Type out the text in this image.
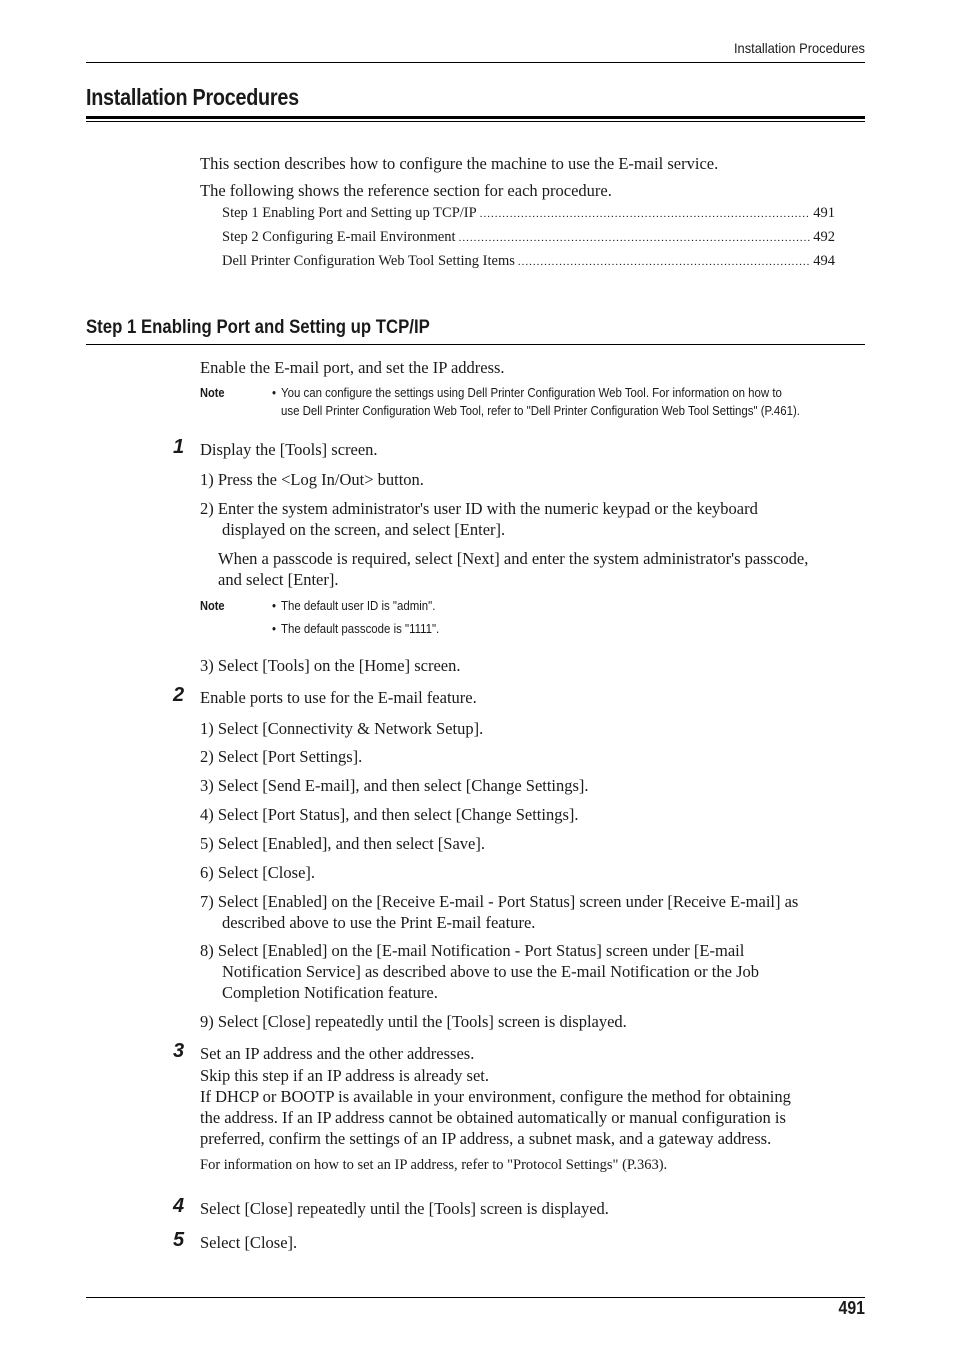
Installation Procedures
Installation Procedures
This section describes how to configure the machine to use the E-mail service.
The following shows the reference section for each procedure.
Step 1 Enabling Port and Setting up TCP/IP .....	491
Step 2 Configuring E-mail Environment .....	492
Dell Printer Configuration Web Tool Setting Items .....	494
Step 1 Enabling Port and Setting up TCP/IP
Enable the E-mail port, and set the IP address.
Note	• You can configure the settings using Dell Printer Configuration Web Tool. For information on how to
use Dell Printer Configuration Web Tool, refer to "Dell Printer Configuration Web Tool Settings" (P.461).
1 Display the [Tools] screen.
1) Press the <Log In/Out> button.
2) Enter the system administrator's user ID with the numeric keypad or the keyboard
displayed on the screen, and select [Enter].
When a passcode is required, select [Next] and enter the system administrator's passcode,
and select [Enter].
Note	• The default user ID is "admin".
• The default passcode is "1111".
3) Select [Tools] on the [Home] screen.
2 Enable ports to use for the E-mail feature.
1) Select [Connectivity & Network Setup].
2) Select [Port Settings].
3) Select [Send E-mail], and then select [Change Settings].
4) Select [Port Status], and then select [Change Settings].
5) Select [Enabled], and then select [Save].
6) Select [Close].
7) Select [Enabled] on the [Receive E-mail - Port Status] screen under [Receive E-mail] as
described above to use the Print E-mail feature.
8) Select [Enabled] on the [E-mail Notification - Port Status] screen under [E-mail
Notification Service] as described above to use the E-mail Notification or the Job
Completion Notification feature.
9) Select [Close] repeatedly until the [Tools] screen is displayed.
3 Set an IP address and the other addresses.
Skip this step if an IP address is already set.
If DHCP or BOOTP is available in your environment, configure the method for obtaining
the address. If an IP address cannot be obtained automatically or manual configuration is
preferred, confirm the settings of an IP address, a subnet mask, and a gateway address.
For information on how to set an IP address, refer to "Protocol Settings" (P.363).
4 Select [Close] repeatedly until the [Tools] screen is displayed.
5 Select [Close].
491
